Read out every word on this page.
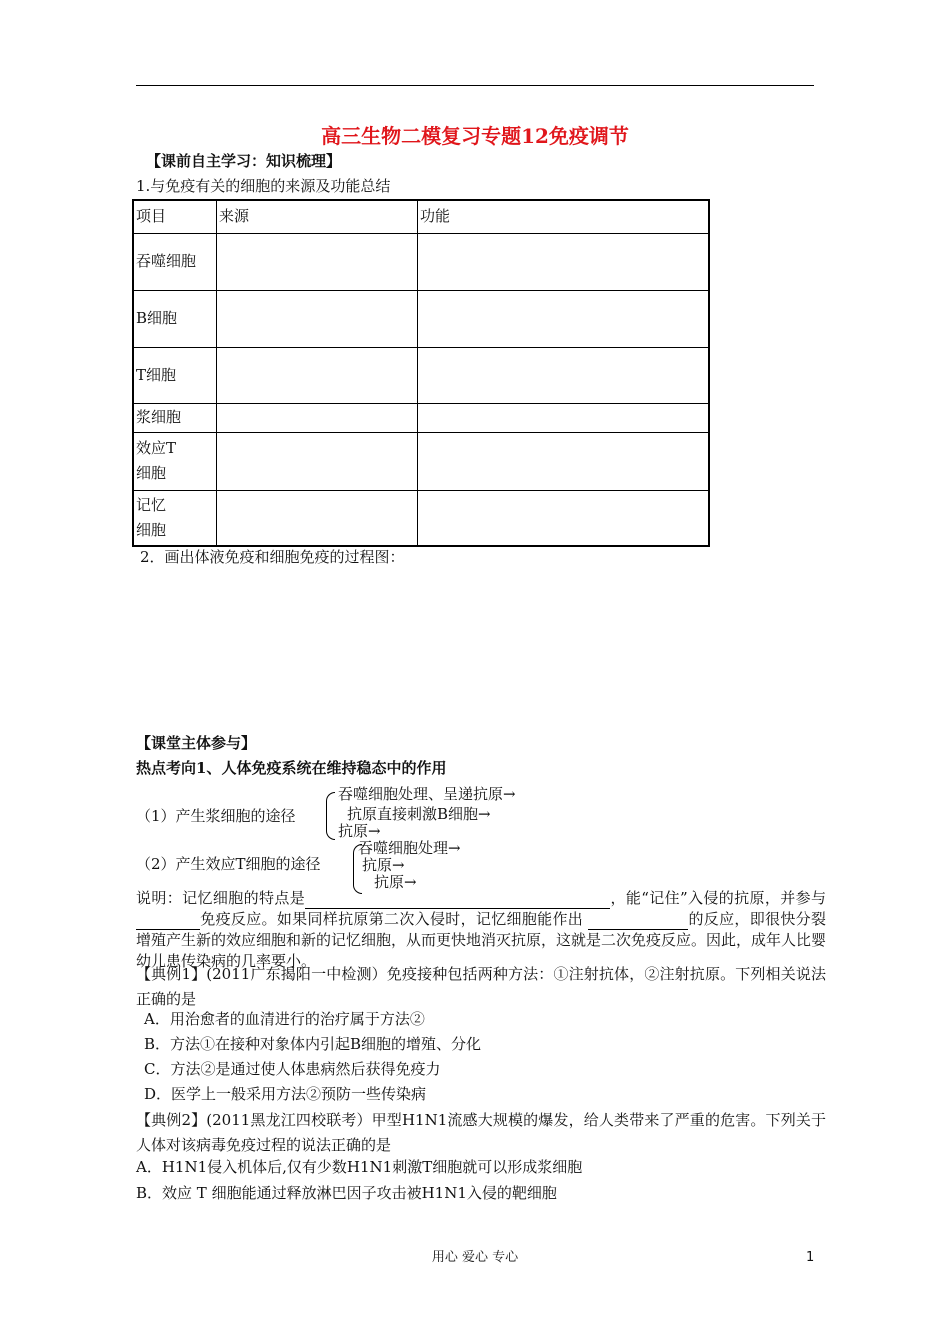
高三生物二模复习专题12免疫调节
【课前自主学习：知识梳理】
1.与免疫有关的细胞的来源及功能总结
项目	来源	功能
吞噬细胞		
B细胞		
T细胞		
浆细胞		
效应T
细胞		
记忆
细胞		
2．画出体液免疫和细胞免疫的过程图：
【课堂主体参与】
热点考向1、人体免疫系统在维持稳态中的作用
（1）产生浆细胞的途径
吞噬细胞处理、呈递抗原→
抗原直接刺激B细胞→
抗原→
（2）产生效应T细胞的途径
吞噬细胞处理→
抗原→
抗原→
说明：记忆细胞的特点是	，能“记住”入侵的抗原，并参与免疫反应。如果同样抗原第二次入侵时，记忆细胞能作出	的反应，即很快分裂增殖产生新的效应细胞和新的记忆细胞，从而更快地消灭抗原，这就是二次免疫反应。因此，成年人比婴幼儿患传染病的几率要小。
【典例1】(2011广东揭阳一中检测）免疫接种包括两种方法：①注射抗体，②注射抗原。下列相关说法正确的是
A．用治愈者的血清进行的治疗属于方法②
B．方法①在接种对象体内引起B细胞的增殖、分化
C．方法②是通过使人体患病然后获得免疫力
D．医学上一般采用方法②预防一些传染病
【典例2】(2011黑龙江四校联考）甲型H1N1流感大规模的爆发，给人类带来了严重的危害。下列关于人体对该病毒免疫过程的说法正确的是
A．H1N1侵入机体后,仅有少数H1N1刺激T细胞就可以形成浆细胞
B．效应 T 细胞能通过释放淋巴因子攻击被H1N1入侵的靶细胞
用心 爱心 专心	1
